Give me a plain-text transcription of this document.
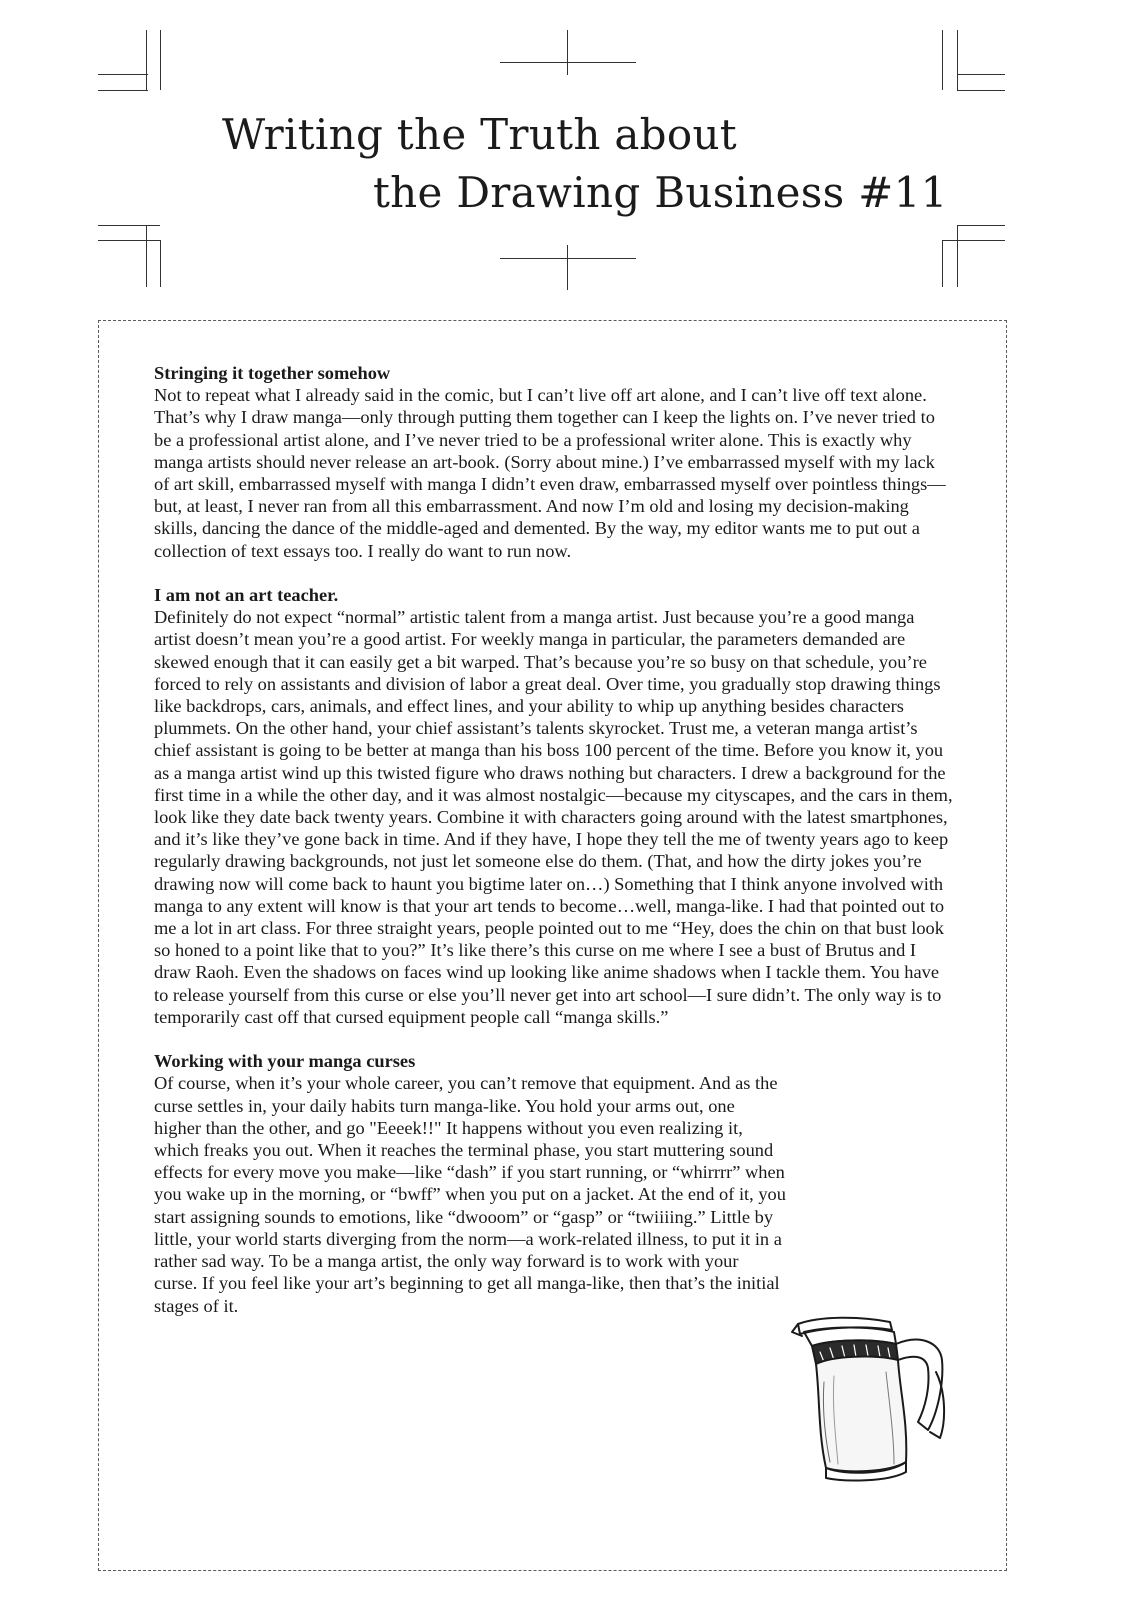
Writing the Truth about
the Drawing Business #11
Stringing it together somehow

Not to repeat what I already said in the comic, but I can’t live off art alone, and I can’t live off text alone. That’s why I draw manga—only through putting them together can I keep the lights on. I’ve never tried to be a professional artist alone, and I’ve never tried to be a professional writer alone. This is exactly why manga artists should never release an art-book. (Sorry about mine.) I’ve embarrassed myself with my lack of art skill, embarrassed myself with manga I didn’t even draw, embarrassed myself over pointless things—but, at least, I never ran from all this embarrassment. And now I’m old and losing my decision-making skills, dancing the dance of the middle-aged and demented. By the way, my editor wants me to put out a collection of text essays too. I really do want to run now.

I am not an art teacher.

Definitely do not expect “normal” artistic talent from a manga artist. Just because you’re a good manga artist doesn’t mean you’re a good artist. For weekly manga in particular, the parameters demanded are skewed enough that it can easily get a bit warped. That’s because you’re so busy on that schedule, you’re forced to rely on assistants and division of labor a great deal. Over time, you gradually stop drawing things like backdrops, cars, animals, and effect lines, and your ability to whip up anything besides characters plummets. On the other hand, your chief assistant’s talents skyrocket. Trust me, a veteran manga artist’s chief assistant is going to be better at manga than his boss 100 percent of the time. Before you know it, you as a manga artist wind up this twisted figure who draws nothing but characters. I drew a background for the first time in a while the other day, and it was almost nostalgic—because my cityscapes, and the cars in them, look like they date back twenty years. Combine it with characters going around with the latest smartphones, and it’s like they’ve gone back in time. And if they have, I hope they tell the me of twenty years ago to keep regularly drawing backgrounds, not just let someone else do them. (That, and how the dirty jokes you’re drawing now will come back to haunt you bigtime later on…) Something that I think anyone involved with manga to any extent will know is that your art tends to become…well, manga-like. I had that pointed out to me a lot in art class. For three straight years, people pointed out to me “Hey, does the chin on that bust look so honed to a point like that to you?” It’s like there’s this curse on me where I see a bust of Brutus and I draw Raoh. Even the shadows on faces wind up looking like anime shadows when I tackle them. You have to release yourself from this curse or else you’ll never get into art school—I sure didn’t. The only way is to temporarily cast off that cursed equipment people call “manga skills.”

Working with your manga curses

Of course, when it’s your whole career, you can’t remove that equipment. And as the curse settles in, your daily habits turn manga-like. You hold your arms out, one higher than the other, and go "Eeeek!!" It happens without you even realizing it, which freaks you out. When it reaches the terminal phase, you start muttering sound effects for every move you make—like “dash” if you start running, or “whirrrr” when you wake up in the morning, or “bwff” when you put on a jacket. At the end of it, you start assigning sounds to emotions, like “dwooom” or “gasp” or “twiiiing.” Little by little, your world starts diverging from the norm—a work-related illness, to put it in a rather sad way. To be a manga artist, the only way forward is to work with your curse. If you feel like your art’s beginning to get all manga-like, then that’s the initial stages of it.
